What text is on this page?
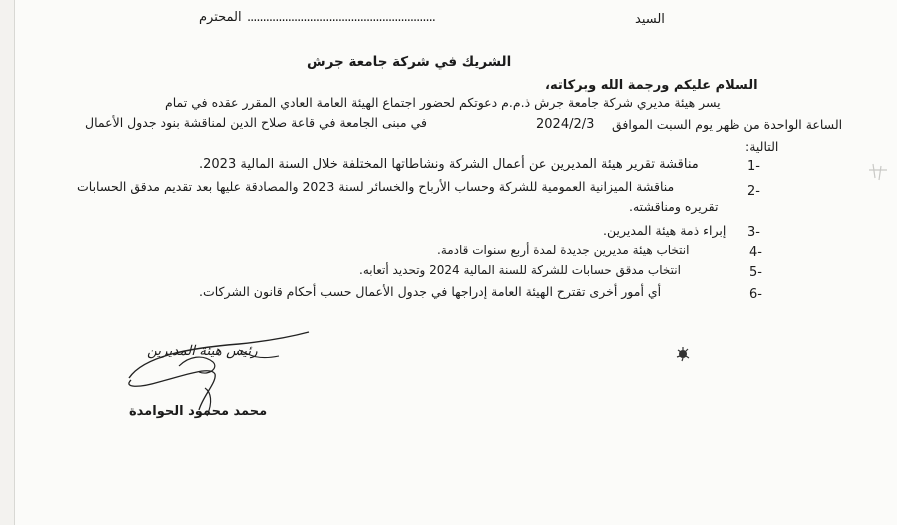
السيد
............................................................
المحترم
الشريك في شركة جامعة جرش
السلام عليكم ورجمة الله وبركاته،
يسر هيئة مديري شركة جامعة جرش ذ.م.م دعوتكم لحضور اجتماع الهيئة العامة العادي المقرر عقده في تمام
الساعة الواحدة من ظهر يوم السبت الموافق
2024/2/3
في مبنى الجامعة في قاعة صلاح الدين لمناقشة بنود جدول الأعمال
التالية:
1-
مناقشة تقرير هيئة المديرين عن أعمال الشركة ونشاطاتها المختلفة خلال السنة المالية 2023.
2-
مناقشة الميزانية العمومية للشركة وحساب الأرباح والخسائر لسنة 2023 والمصادقة عليها بعد تقديم مدقق الحسابات
تقريره ومناقشته.
3-
إبراء ذمة هيئة المديرين.
4-
انتخاب هيئة مديرين جديدة لمدة أربع سنوات قادمة.
5-
انتخاب مدقق حسابات للشركة للسنة المالية 2024 وتحديد أتعابه.
6-
أي أمور أخرى تقترح الهيئة العامة إدراجها في جدول الأعمال حسب أحكام قانون الشركات.
رئيس هيئة المديرين
محمد محمود الحوامدة
